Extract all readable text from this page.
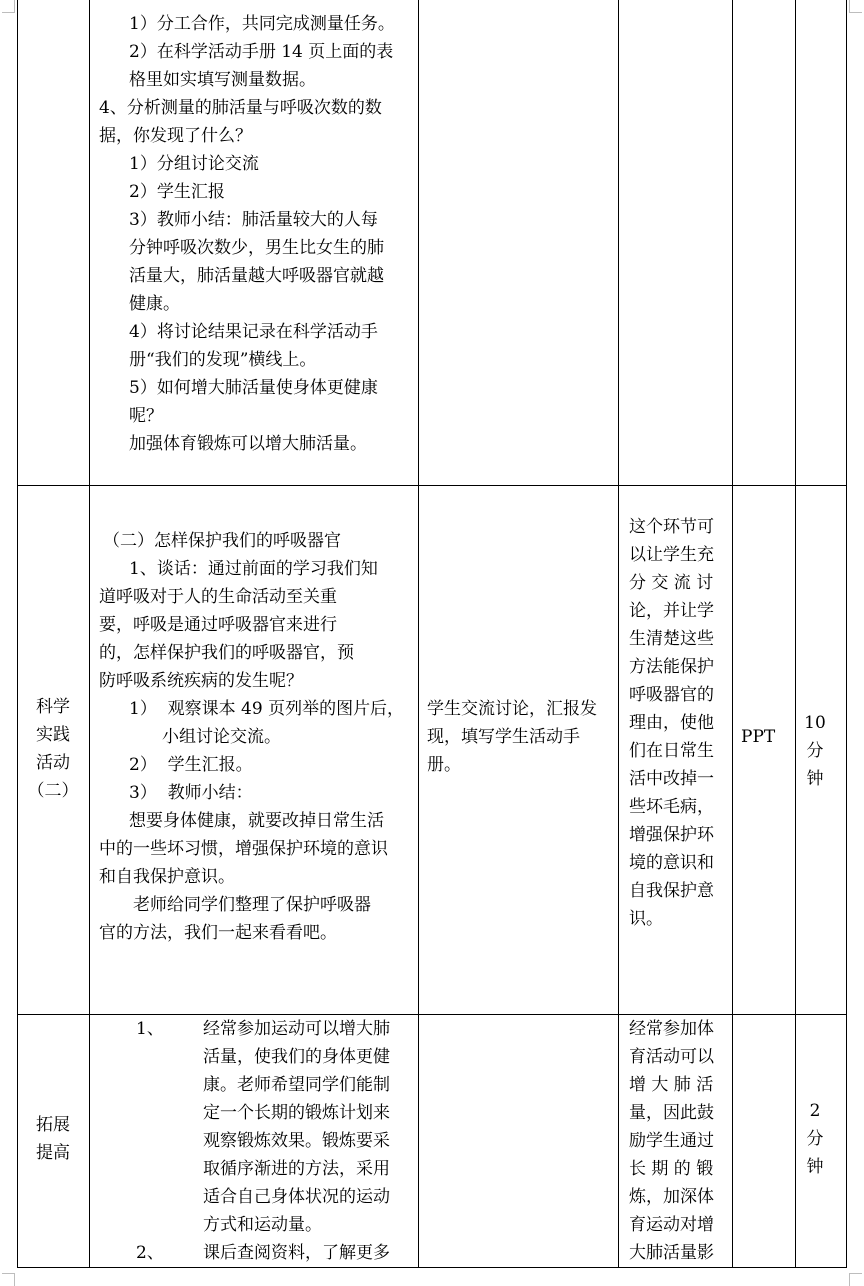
1）分工合作，共同完成测量任务。
2）在科学活动手册 14 页上面的表
格里如实填写测量数据。
4、分析测量的肺活量与呼吸次数的数
据，你发现了什么？
1）分组讨论交流
2）学生汇报
3）教师小结：肺活量较大的人每
分钟呼吸次数少，男生比女生的肺
活量大，肺活量越大呼吸器官就越
健康。
4）将讨论结果记录在科学活动手
册“我们的发现”横线上。
5）如何增大肺活量使身体更健康
呢？
加强体育锻炼可以增大肺活量。
科学
实践
活动
（二）
（二）怎样保护我们的呼吸器官
1、谈话：通过前面的学习我们知
道呼吸对于人的生命活动至关重
要，呼吸是通过呼吸器官来进行
的，怎样保护我们的呼吸器官，预
防呼吸系统疾病的发生呢？
1）  观察课本 49 页列举的图片后，
小组讨论交流。
2）  学生汇报。
3）  教师小结：
想要身体健康，就要改掉日常生活
中的一些坏习惯，增强保护环境的意识
和自我保护意识。
老师给同学们整理了保护呼吸器
官的方法，我们一起来看看吧。
学生交流讨论，汇报发
现，填写学生活动手
册。
这个环节可
以让学生充
分 交 流 讨
论，并让学
生清楚这些
方法能保护
呼吸器官的
理由，使他
们在日常生
活中改掉一
些坏毛病，
增强保护环
境的意识和
自我保护意
识。
PPT
10
分
钟
拓展
提高
1、 经常参加运动可以增大肺
活量，使我们的身体更健
康。老师希望同学们能制
定一个长期的锻炼计划来
观察锻炼效果。锻炼要采
取循序渐进的方法，采用
适合自己身体状况的运动
方式和运动量。
2、 课后查阅资料，了解更多
经常参加体
育活动可以
增 大 肺 活
量，因此鼓
励学生通过
长 期 的 锻
炼，加深体
育运动对增
大肺活量影
2
分
钟
